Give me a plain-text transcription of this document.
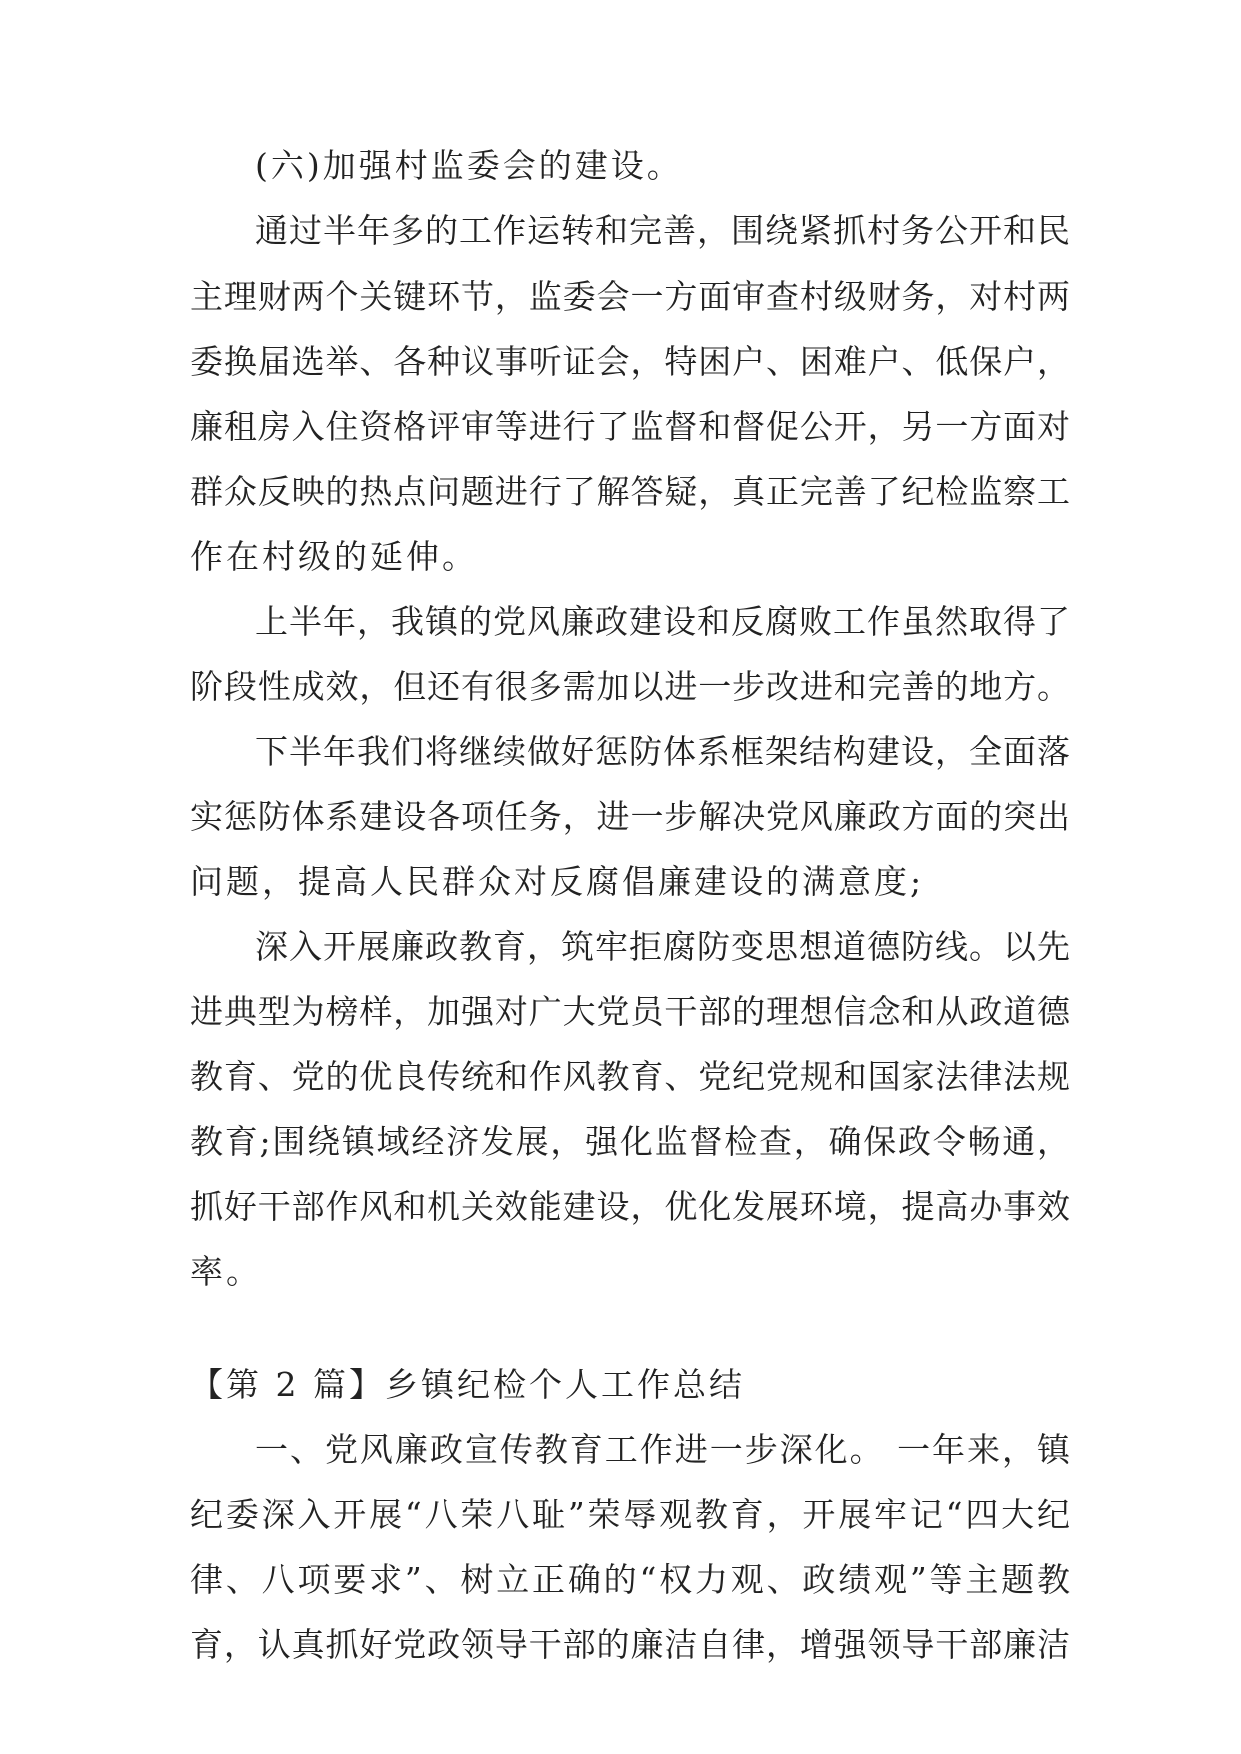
(六)加强村监委会的建设。
通过半年多的工作运转和完善，围绕紧抓村务公开和民
主理财两个关键环节，监委会一方面审查村级财务，对村两
委换届选举、各种议事听证会，特困户、困难户、低保户，
廉租房入住资格评审等进行了监督和督促公开，另一方面对
群众反映的热点问题进行了解答疑，真正完善了纪检监察工
作在村级的延伸。
上半年，我镇的党风廉政建设和反腐败工作虽然取得了
阶段性成效，但还有很多需加以进一步改进和完善的地方。
下半年我们将继续做好惩防体系框架结构建设，全面落
实惩防体系建设各项任务，进一步解决党风廉政方面的突出
问题，提高人民群众对反腐倡廉建设的满意度;
深入开展廉政教育，筑牢拒腐防变思想道德防线。以先
进典型为榜样，加强对广大党员干部的理想信念和从政道德
教育、党的优良传统和作风教育、党纪党规和国家法律法规
教育;围绕镇域经济发展，强化监督检查，确保政令畅通，
抓好干部作风和机关效能建设，优化发展环境，提高办事效
率。
【第 2 篇】乡镇纪检个人工作总结
一、党风廉政宣传教育工作进一步深化。 一年来，镇
纪委深入开展“八荣八耻”荣辱观教育，开展牢记“四大纪
律、八项要求”、树立正确的“权力观、政绩观”等主题教
育，认真抓好党政领导干部的廉洁自律，增强领导干部廉洁
